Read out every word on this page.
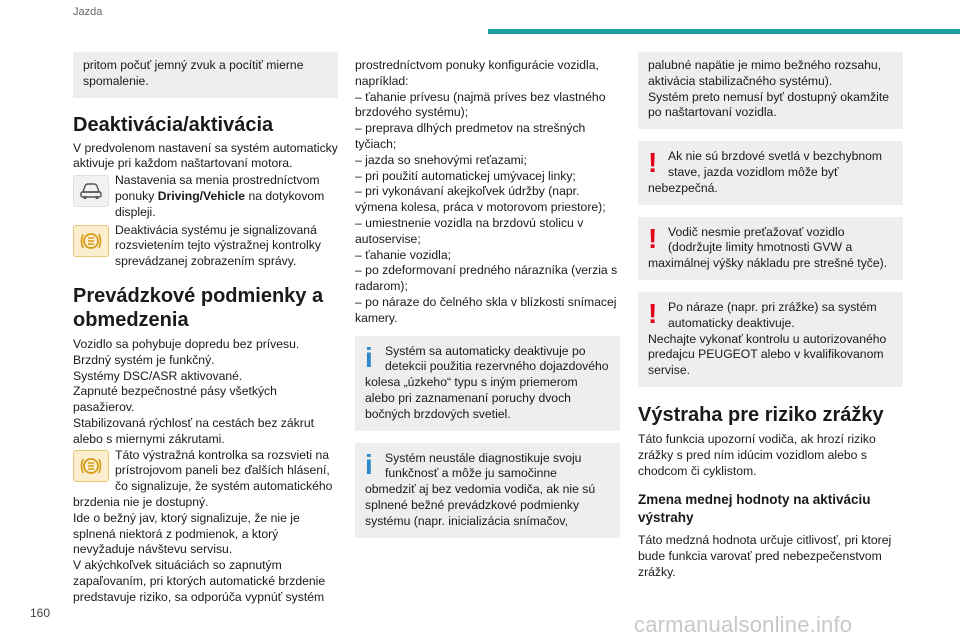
Jazda

pritom počuť jemný zvuk a pocítiť mierne spomalenie.

Deaktivácia/aktivácia

V predvolenom nastavení sa systém automaticky aktivuje pri každom naštartovaní motora.

Nastavenia sa menia prostredníctvom ponuky Driving/Vehicle na dotykovom displeji.

Deaktivácia systému je signalizovaná rozsvietením tejto výstražnej kontrolky sprevádzanej zobrazením správy.

Prevádzkové podmienky a obmedzenia

Vozidlo sa pohybuje dopredu bez prívesu.
Brzdný systém je funkčný.
Systémy DSC/ASR aktivované.
Zapnuté bezpečnostné pásy všetkých pasažierov.
Stabilizovaná rýchlosť na cestách bez zákrut alebo s miernymi zákrutami.

Táto výstražná kontrolka sa rozsvieti na prístrojovom paneli bez ďalších hlásení, čo signalizuje, že systém automatického brzdenia nie je dostupný.

Ide o bežný jav, ktorý signalizuje, že nie je splnená niektorá z podmienok, a ktorý nevyžaduje návštevu servisu.
V akýchkoľvek situáciách so zapnutým zapaľovaním, pri ktorých automatické brzdenie predstavuje riziko, sa odporúča vypnúť systém

prostredníctvom ponuky konfigurácie vozidla, napríklad:
– ťahanie prívesu (najmä príves bez vlastného brzdového systému);
– preprava dlhých predmetov na strešných tyčiach;
– jazda so snehovými reťazami;
– pri použití automatickej umývacej linky;
– pri vykonávaní akejkoľvek údržby (napr. výmena kolesa, práca v motorovom priestore);
– umiestnenie vozidla na brzdovú stolicu v autoservise;
– ťahanie vozidla;
– po zdeformovaní predného nárazníka (verzia s radarom);
– po náraze do čelného skla v blízkosti snímacej kamery.

i	Systém sa automaticky deaktivuje po detekcii použitia rezervného dojazdového
kolesa „úzkeho“ typu s iným priemerom alebo pri zaznamenaní poruchy dvoch bočných brzdových svetiel.
i	Systém neustále diagnostikuje svoju funkčnosť a môže ju samočinne
obmedziť aj bez vedomia vodiča, ak nie sú splnené bežné prevádzkové podmienky systému (napr. inicializácia snímačov,

palubné napätie je mimo bežného rozsahu, aktivácia stabilizačného systému).
Systém preto nemusí byť dostupný okamžite po naštartovaní vozidla.

! Ak nie sú brzdové svetlá v bezchybnom stave, jazda vozidlom môže byť
nebezpečná.
! Vodič nesmie preťažovať vozidlo (dodržujte limity hmotnosti GVW a
maximálnej výšky nákladu pre strešné tyče).
! Po náraze (napr. pri zrážke) sa systém automaticky deaktivuje.
Nechajte vykonať kontrolu u autorizovaného predajcu PEUGEOT alebo v kvalifikovanom servise.
Výstraha pre riziko zrážky

Táto funkcia upozorní vodiča, ak hrozí riziko zrážky s pred ním idúcim vozidlom alebo s chodcom či cyklistom.

Zmena mednej hodnoty na aktiváciu výstrahy

Táto medzná hodnota určuje citlivosť, pri ktorej bude funkcia varovať pred nebezpečenstvom zrážky.

160	carmanualsonline.info
